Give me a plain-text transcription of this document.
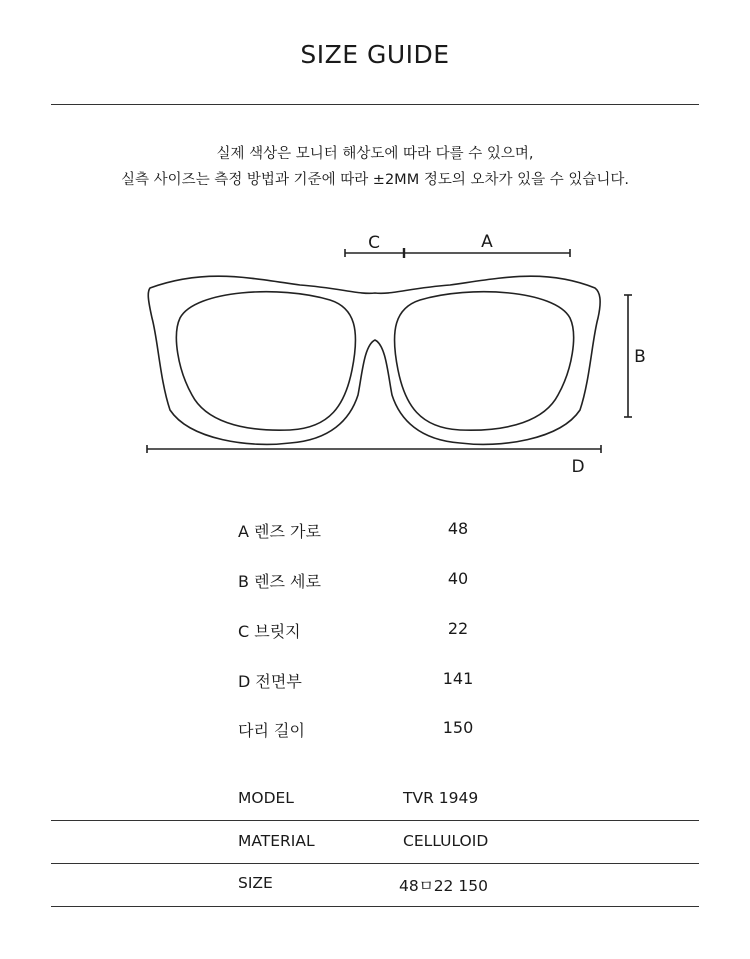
SIZE GUIDE
실제 색상은 모니터 해상도에 따라 다를 수 있으며,
실측 사이즈는 측정 방법과 기준에 따라 ±2MM 정도의 오차가 있을 수 있습니다.
C	A
B
D
A 렌즈 가로	48
B 렌즈 세로	40
C 브릿지	22
D 전면부	141
다리 길이	150
MODEL	TVR 1949
MATERIAL	CELLULOID
SIZE	48ㅁ22 150
